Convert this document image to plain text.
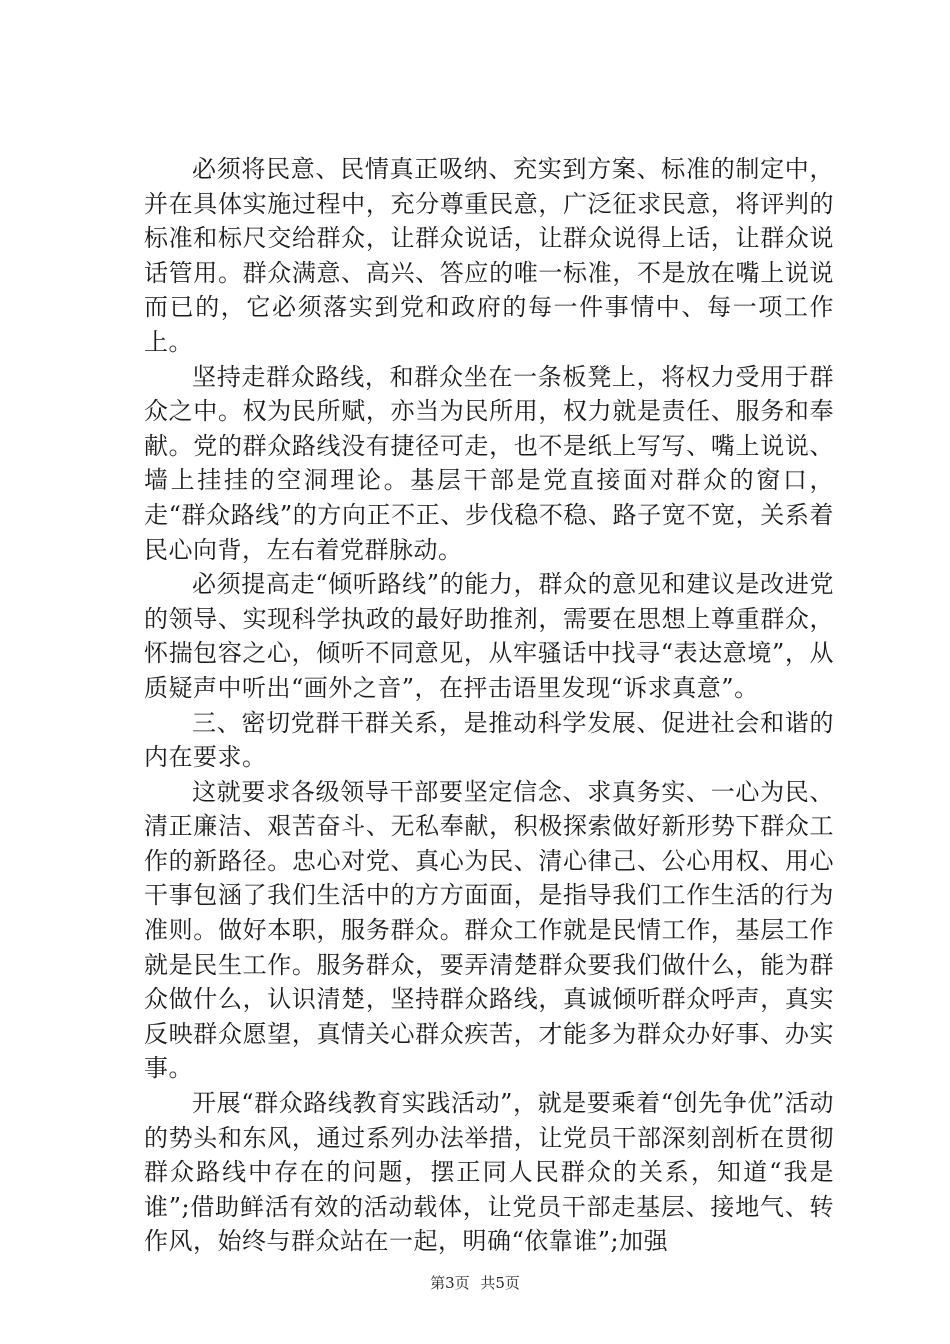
必须将民意、民情真正吸纳、充实到方案、标准的制定中，并在具体实施过程中，充分尊重民意，广泛征求民意，将评判的标准和标尺交给群众，让群众说话，让群众说得上话，让群众说话管用。群众满意、高兴、答应的唯一标准，不是放在嘴上说说而已的，它必须落实到党和政府的每一件事情中、每一项工作上。

坚持走群众路线，和群众坐在一条板凳上，将权力受用于群众之中。权为民所赋，亦当为民所用，权力就是责任、服务和奉献。党的群众路线没有捷径可走，也不是纸上写写、嘴上说说、墙上挂挂的空洞理论。基层干部是党直接面对群众的窗口，走“群众路线”的方向正不正、步伐稳不稳、路子宽不宽，关系着民心向背，左右着党群脉动。

必须提高走“倾听路线”的能力，群众的意见和建议是改进党的领导、实现科学执政的最好助推剂，需要在思想上尊重群众，怀揣包容之心，倾听不同意见，从牢骚话中找寻“表达意境”，从质疑声中听出“画外之音”，在抨击语里发现“诉求真意”。

三、密切党群干群关系，是推动科学发展、促进社会和谐的内在要求。

这就要求各级领导干部要坚定信念、求真务实、一心为民、清正廉洁、艰苦奋斗、无私奉献，积极探索做好新形势下群众工作的新路径。忠心对党、真心为民、清心律己、公心用权、用心干事包涵了我们生活中的方方面面，是指导我们工作生活的行为准则。做好本职，服务群众。群众工作就是民情工作，基层工作就是民生工作。服务群众，要弄清楚群众要我们做什么，能为群众做什么，认识清楚，坚持群众路线，真诚倾听群众呼声，真实反映群众愿望，真情关心群众疾苦，才能多为群众办好事、办实事。

开展“群众路线教育实践活动”，就是要乘着“创先争优”活动的势头和东风，通过系列办法举措，让党员干部深刻剖析在贯彻群众路线中存在的问题，摆正同人民群众的关系，知道“我是谁”;借助鲜活有效的活动载体，让党员干部走基层、接地气、转作风，始终与群众站在一起，明确“依靠谁”;加强

第3页 共5页
